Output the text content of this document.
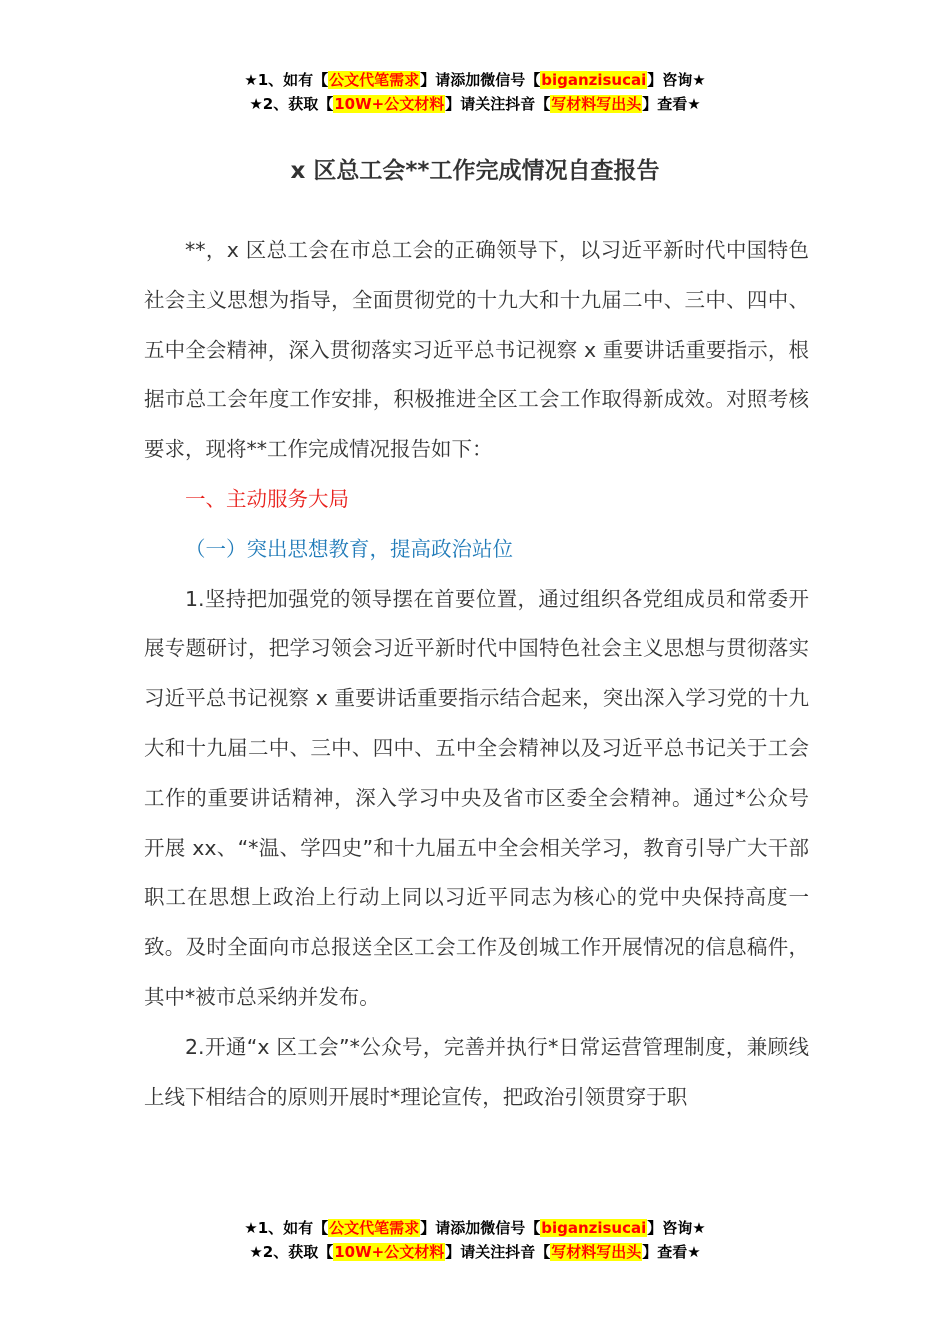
★1、如有【公文代笔需求】请添加微信号【biganzisucai】咨询★
★2、获取【10W+公文材料】请关注抖音【写材料写出头】查看★
x 区总工会**工作完成情况自查报告

**，x 区总工会在市总工会的正确领导下，以习近平新时代中国特色社会主义思想为指导，全面贯彻党的十九大和十九届二中、三中、四中、五中全会精神，深入贯彻落实习近平总书记视察 x 重要讲话重要指示，根据市总工会年度工作安排，积极推进全区工会工作取得新成效。对照考核要求，现将**工作完成情况报告如下：

一、主动服务大局

（一）突出思想教育，提高政治站位

1.坚持把加强党的领导摆在首要位置，通过组织各党组成员和常委开展专题研讨，把学习领会习近平新时代中国特色社会主义思想与贯彻落实习近平总书记视察 x 重要讲话重要指示结合起来，突出深入学习党的十九大和十九届二中、三中、四中、五中全会精神以及习近平总书记关于工会工作的重要讲话精神，深入学习中央及省市区委全会精神。通过*公众号开展 xx、“*温、学四史”和十九届五中全会相关学习，教育引导广大干部职工在思想上政治上行动上同以习近平同志为核心的党中央保持高度一致。及时全面向市总报送全区工会工作及创城工作开展情况的信息稿件，其中*被市总采纳并发布。

2.开通“x 区工会”*公众号，完善并执行*日常运营管理制度，兼顾线上线下相结合的原则开展时*理论宣传，把政治引领贯穿于职

★1、如有【公文代笔需求】请添加微信号【biganzisucai】咨询★
★2、获取【10W+公文材料】请关注抖音【写材料写出头】查看★
